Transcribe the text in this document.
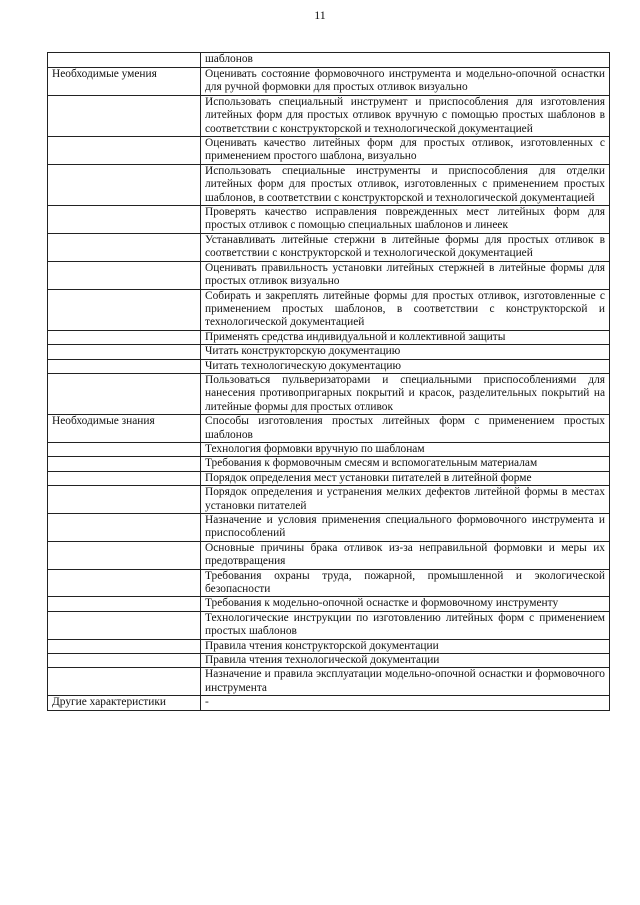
11
	шаблонов
Необходимые умения	Оценивать состояние формовочного инструмента и модельно-опочной оснастки для ручной формовки для простых отливок визуально
	Использовать специальный инструмент и приспособления для изготовления литейных форм для простых отливок вручную с помощью простых шаблонов в соответствии с конструкторской и технологической документацией
	Оценивать качество литейных форм для простых отливок, изготовленных с применением простого шаблона, визуально
	Использовать специальные инструменты и приспособления для отделки литейных форм для простых отливок, изготовленных с применением простых шаблонов, в соответствии с конструкторской и технологической документацией
	Проверять качество исправления поврежденных мест литейных форм для простых отливок с помощью специальных шаблонов и линеек
	Устанавливать литейные стержни в литейные формы для простых отливок в соответствии с конструкторской и технологической документацией
	Оценивать правильность установки литейных стержней в литейные формы для простых отливок визуально
	Собирать и закреплять литейные формы для простых отливок, изготовленные с применением простых шаблонов, в соответствии с конструкторской и технологической документацией
	Применять средства индивидуальной и коллективной защиты
	Читать конструкторскую документацию
	Читать технологическую документацию
	Пользоваться пульверизаторами и специальными приспособлениями для нанесения противопригарных покрытий и красок, разделительных покрытий на литейные формы для простых отливок
Необходимые знания	Способы изготовления простых литейных форм с применением простых шаблонов
	Технология формовки вручную по шаблонам
	Требования к формовочным смесям и вспомогательным материалам
	Порядок определения мест установки питателей в литейной форме
	Порядок определения и устранения мелких дефектов литейной формы в местах установки питателей
	Назначение и условия применения специального формовочного инструмента и приспособлений
	Основные причины брака отливок из-за неправильной формовки и меры их предотвращения
	Требования охраны труда, пожарной, промышленной и экологической безопасности
	Требования к модельно-опочной оснастке и формовочному инструменту
	Технологические инструкции по изготовлению литейных форм с применением простых шаблонов
	Правила чтения конструкторской документации
	Правила чтения технологической документации
	Назначение и правила эксплуатации модельно-опочной оснастки и формовочного инструмента
Другие характеристики	-
